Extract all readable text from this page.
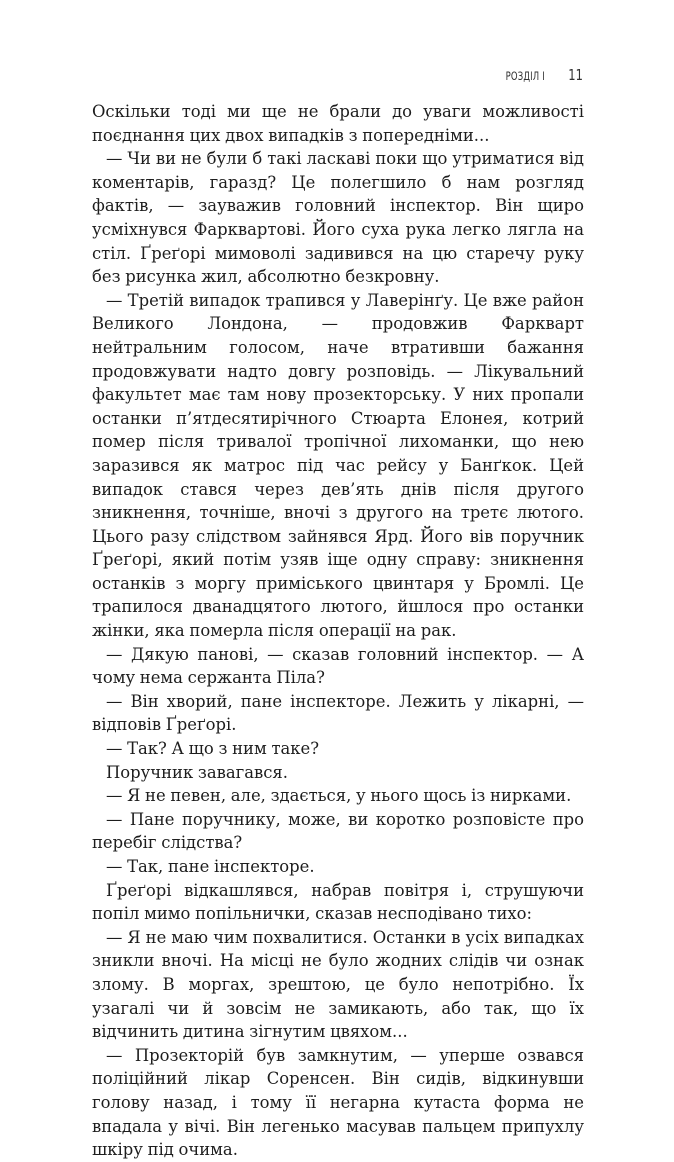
РОЗДІЛ I 11

Оскільки тоді ми ще не брали до уваги можливості поєднання цих двох випадків з попередніми...

— Чи ви не були б такі ласкаві поки що утриматися від коментарів, гаразд? Це полегшило б нам розгляд фактів, — зауважив головний інспектор. Він щиро усміхнувся Фарквартові. Його суха рука легко лягла на стіл. Ґреґорі мимоволі задивився на цю старечу руку без рисунка жил, абсолютно безкровну.

— Третій випадок трапився у Лаверінґу. Це вже район Великого Лондона, — продовжив Фаркварт нейтральним голосом, наче втративши бажання продовжувати надто довгу розповідь. — Лікувальний факультет має там нову прозекторську. У них пропали останки п’ятдесятирічного Стюарта Елонея, котрий помер після тривалої тропічної лихоманки, що нею заразився як матрос під час рейсу у Банґкок. Цей випадок стався через дев’ять днів після другого зникнення, точніше, вночі з другого на третє лютого. Цього разу слідством зайнявся Ярд. Його вів поручник Ґреґорі, який потім узяв іще одну справу: зникнення останків з моргу приміського цвинтаря у Бромлі. Це трапилося дванадцятого лютого, йшлося про останки жінки, яка померла після операції на рак.

— Дякую панові, — сказав головний інспектор. — А чому нема сержанта Піла?

— Він хворий, пане інспекторе. Лежить у лікарні, — відповів Ґреґорі.

— Так? А що з ним таке?

Поручник завагався.

— Я не певен, але, здається, у нього щось із нирками.

— Пане поручнику, може, ви коротко розповісте про перебіг слідства?

— Так, пане інспекторе.

Ґреґорі відкашлявся, набрав повітря і, струшуючи попіл мимо попільнички, сказав несподівано тихо:

— Я не маю чим похвалитися. Останки в усіх випадках зникли вночі. На місці не було жодних слідів чи ознак злому. В моргах, зрештою, це було непотрібно. Їх узагалі чи й зовсім не замикають, або так, що їх відчинить дитина зігнутим цвяхом...

— Прозекторій був замкнутим, — уперше озвався поліційний лікар Соренсен. Він сидів, відкинувши голову назад, і тому її негарна кутаста форма не впадала у вічі. Він легенько масував пальцем припухлу шкіру під очима.
